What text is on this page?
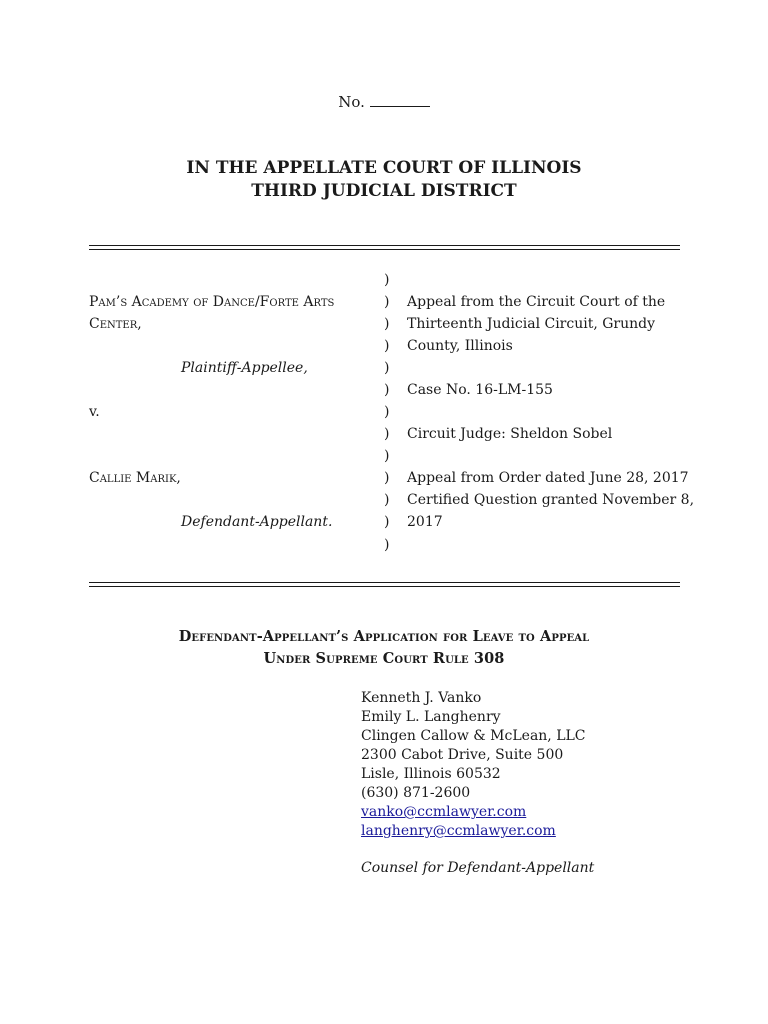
No.
IN THE APPELLATE COURT OF ILLINOIS
THIRD JUDICIAL DISTRICT
)
)
)
)
)
)
)
)
)
)
)
)
)
Pam’s Academy of Dance/Forte Arts
Center,
Plaintiff-Appellee,
v.
Callie Marik,
Defendant-Appellant.
Appeal from the Circuit Court of the
Thirteenth Judicial Circuit, Grundy
County, Illinois
Case No. 16-LM-155
Circuit Judge: Sheldon Sobel
Appeal from Order dated June 28, 2017
Certified Question granted November 8,
2017
Defendant-Appellant’s Application for Leave to Appeal
Under Supreme Court Rule 308
Kenneth J. Vanko
Emily L. Langhenry
Clingen Callow & McLean, LLC
2300 Cabot Drive, Suite 500
Lisle, Illinois 60532
(630) 871-2600
vanko@ccmlawyer.com
langhenry@ccmlawyer.com
Counsel for Defendant-Appellant
